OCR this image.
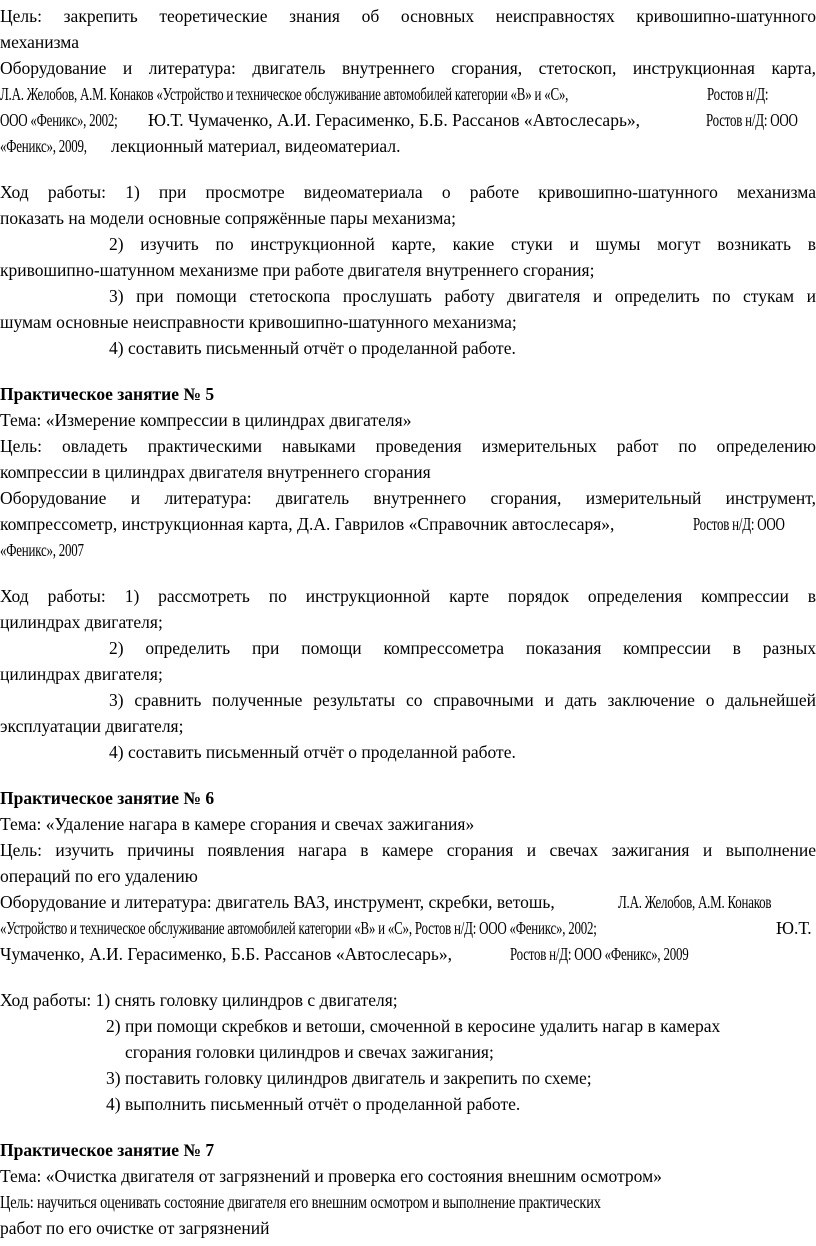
Цель: закрепить теоретические знания об основных неисправностях кривошипно-шатунного
механизма
Оборудование и литература: двигатель внутреннего сгорания, стетоскоп, инструкционная карта,
Л.А. Желобов, А.М. Конаков «Устройство и техническое обслуживание автомобилей категории «В» и «С»,	Ростов н/Д:
ООО «Феникс», 2002; Ю.Т. Чумаченко, А.И. Герасименко, Б.Б. Рассанов «Автослесарь»,	Ростов н/Д: ООО
«Феникс», 2009, лекционный материал, видеоматериал.
Ход работы: 1) при просмотре видеоматериала о работе кривошипно-шатунного механизма
показать на модели основные сопряжённые пары механизма;
2) изучить по инструкционной карте, какие стуки и шумы могут возникать в
кривошипно-шатунном механизме при работе двигателя внутреннего сгорания;
3) при помощи стетоскопа прослушать работу двигателя и определить по стукам и
шумам основные неисправности кривошипно-шатунного механизма;
4) составить письменный отчёт о проделанной работе.
Практическое занятие № 5
Тема: «Измерение компрессии в цилиндрах двигателя»
Цель: овладеть практическими навыками проведения измерительных работ по определению
компрессии в цилиндрах двигателя внутреннего сгорания
Оборудование и литература: двигатель внутреннего сгорания, измерительный инструмент,
компрессометр, инструкционная карта, Д.А. Гаврилов «Справочник автослесаря»,	Ростов н/Д: ООО
«Феникс», 2007
Ход работы: 1) рассмотреть по инструкционной карте порядок определения компрессии в
цилиндрах двигателя;
2) определить при помощи компрессометра показания компрессии в разных
цилиндрах двигателя;
3) сравнить полученные результаты со справочными и дать заключение о дальнейшей
эксплуатации двигателя;
4) составить письменный отчёт о проделанной работе.
Практическое занятие № 6
Тема: «Удаление нагара в камере сгорания и свечах зажигания»
Цель: изучить причины появления нагара в камере сгорания и свечах зажигания и выполнение
операций по его удалению
Оборудование и литература: двигатель ВАЗ, инструмент, скребки, ветошь,	Л.А. Желобов, А.М. Конаков
«Устройство и техническое обслуживание автомобилей категории «В» и «С», Ростов н/Д: ООО «Феникс», 2002;	Ю.Т.
Чумаченко, А.И. Герасименко, Б.Б. Рассанов «Автослесарь»,	Ростов н/Д: ООО «Феникс», 2009
Ход работы: 1) снять головку цилиндров с двигателя;
2) при помощи скребков и ветоши, смоченной в керосине удалить нагар в камерах
сгорания головки цилиндров и свечах зажигания;
3) поставить головку цилиндров двигатель и закрепить по схеме;
4) выполнить письменный отчёт о проделанной работе.
Практическое занятие № 7
Тема: «Очистка двигателя от загрязнений и проверка его состояния внешним осмотром»
Цель: научиться оценивать состояние двигателя его внешним осмотром и выполнение практических
работ по его очистке от загрязнений
